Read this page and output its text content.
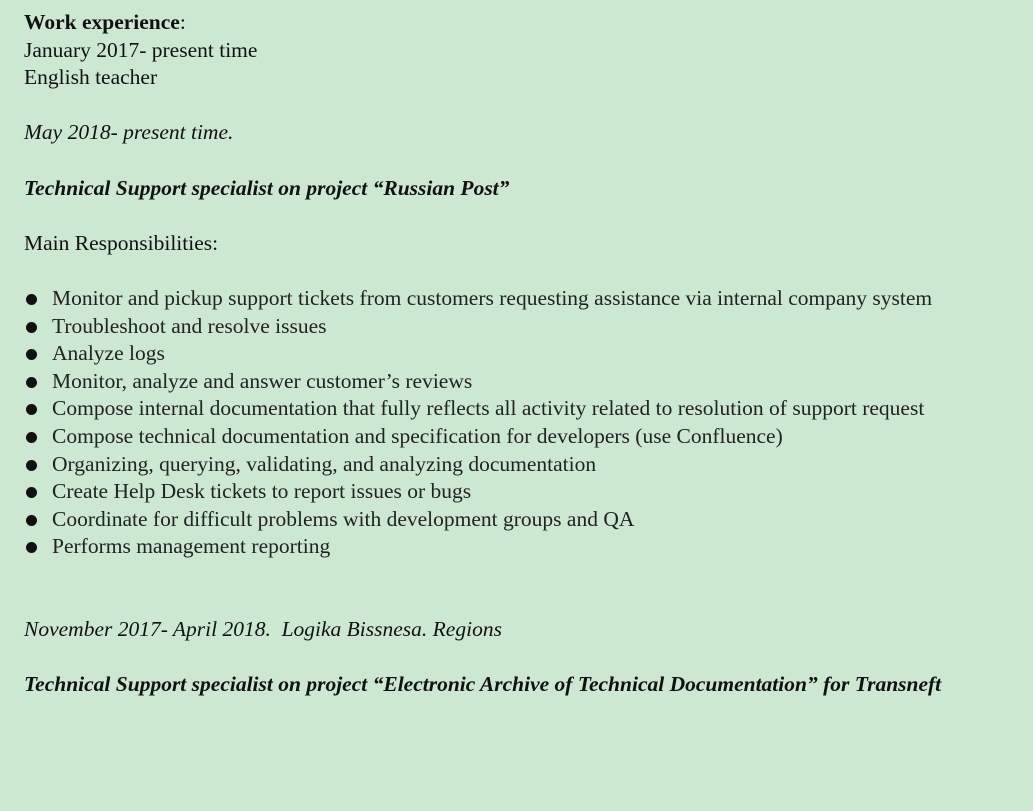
Work experience:
January 2017- present time
English teacher
May 2018- present time.
Technical Support specialist on project “Russian Post”
Main Responsibilities:
Monitor and pickup support tickets from customers requesting assistance via internal company system
Troubleshoot and resolve issues
Analyze logs
Monitor, analyze and answer customer’s reviews
Compose internal documentation that fully reflects all activity related to resolution of support request
Compose technical documentation and specification for developers (use Confluence)
Organizing, querying, validating, and analyzing documentation
Create Help Desk tickets to report issues or bugs
Coordinate for difficult problems with development groups and QA
Performs management reporting
November 2017- April 2018.  Logika Bissnesa. Regions
Technical Support specialist on project “Electronic Archive of Technical Documentation” for Transneft
